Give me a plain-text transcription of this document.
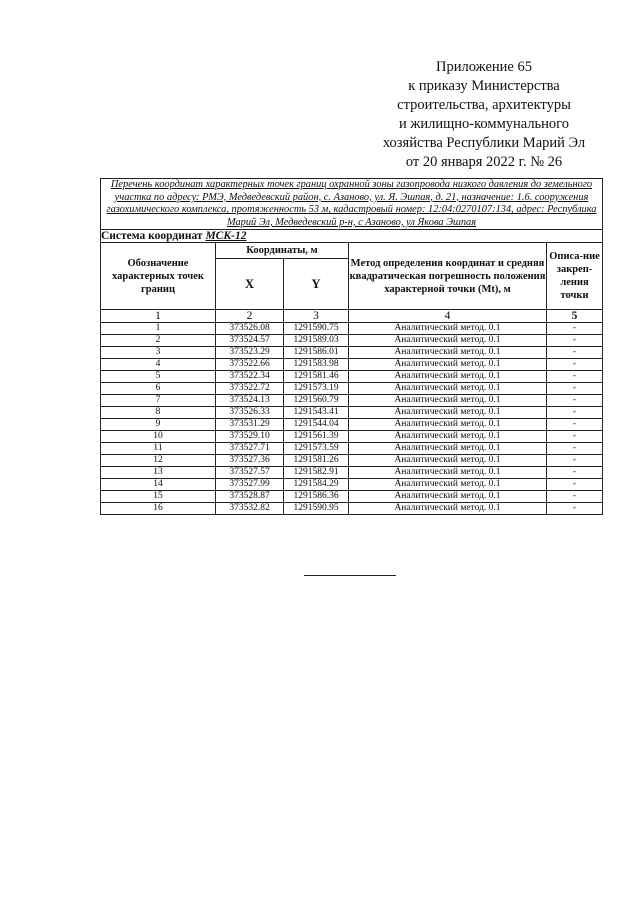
Приложение 65
к приказу Министерства
строительства, архитектуры
и жилищно-коммунального
хозяйства Республики Марий Эл
от 20 января 2022 г. № 26
Перечень координат характерных точек границ охранной зоны газопровода низкого давления до земельного участка по адресу: РМЭ, Медведевский район, с. Азаново, ул. Я. Эшпая, д. 21, назначение: 1.6. сооружения газохимического комплекса, протяженность 53 м, кадастровый номер: 12:04:0270107:134, адрес: Республика Марий Эл, Медведевский р-н, с Азаново, ул Якова Эшпая				
Система координат МСК-12				
Обозначение характерных точек границ	Координаты, м		Метод определения координат и средняя квадратическая погрешность положения характерной точки (Mt), м	Описа-ние закреп-ления точки
	X	Y		
1	2	3	4	5
1	373526.08	1291590.75	Аналитический метод. 0.1	-
2	373524.57	1291589.03	Аналитический метод. 0.1	-
3	373523.29	1291586.01	Аналитический метод. 0.1	-
4	373522.66	1291583.98	Аналитический метод. 0.1	-
5	373522.34	1291581.46	Аналитический метод. 0.1	-
6	373522.72	1291573.19	Аналитический метод. 0.1	-
7	373524.13	1291560.79	Аналитический метод. 0.1	-
8	373526.33	1291543.41	Аналитический метод. 0.1	-
9	373531.29	1291544.04	Аналитический метод. 0.1	-
10	373529.10	1291561.39	Аналитический метод. 0.1	-
11	373527.71	1291573.59	Аналитический метод. 0.1	-
12	373527.36	1291581.26	Аналитический метод. 0.1	-
13	373527.57	1291582.91	Аналитический метод. 0.1	-
14	373527.99	1291584.29	Аналитический метод. 0.1	-
15	373528.87	1291586.36	Аналитический метод. 0.1	-
16	373532.82	1291590.95	Аналитический метод. 0.1	-
